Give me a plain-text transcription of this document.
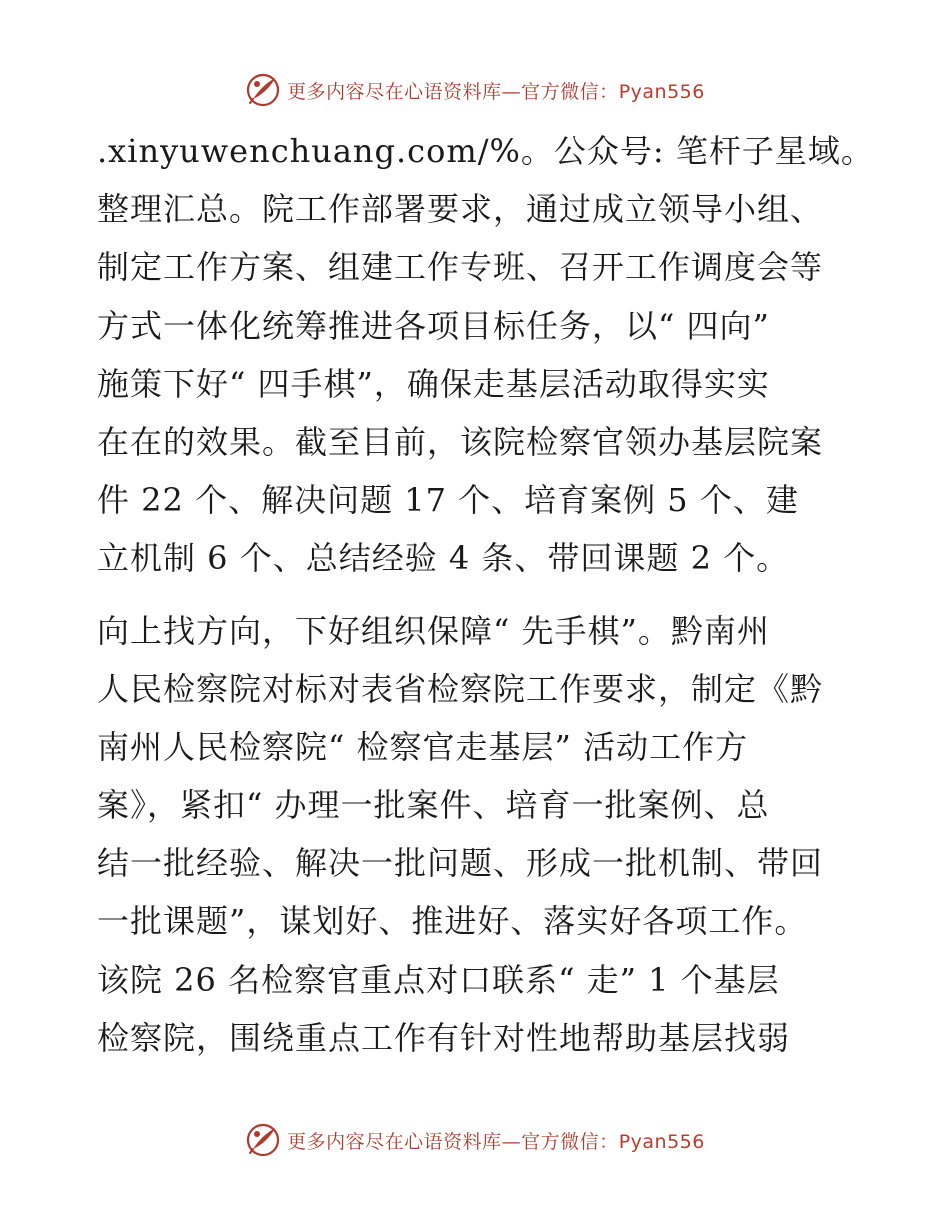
更多内容尽在心语资料库—官方微信：Pyan556
.xinyuwenchuang.com/%。公众号: 笔杆子星域。
整理汇总。院工作部署要求，通过成立领导小组、
制定工作方案、组建工作专班、召开工作调度会等
方式一体化统筹推进各项目标任务，以“ 四向”
施策下好“ 四手棋”，确保走基层活动取得实实
在在的效果。截至目前，该院检察官领办基层院案
件 22 个、解决问题 17 个、培育案例 5 个、建
立机制 6 个、总结经验 4 条、带回课题 2 个。
向上找方向，下好组织保障“ 先手棋”。黔南州
人民检察院对标对表省检察院工作要求，制定《黔
南州人民检察院“ 检察官走基层” 活动工作方
案》，紧扣“ 办理一批案件、培育一批案例、总
结一批经验、解决一批问题、形成一批机制、带回
一批课题”，谋划好、推进好、落实好各项工作。
该院 26 名检察官重点对口联系“ 走” 1 个基层
检察院，围绕重点工作有针对性地帮助基层找弱
更多内容尽在心语资料库—官方微信：Pyan556
